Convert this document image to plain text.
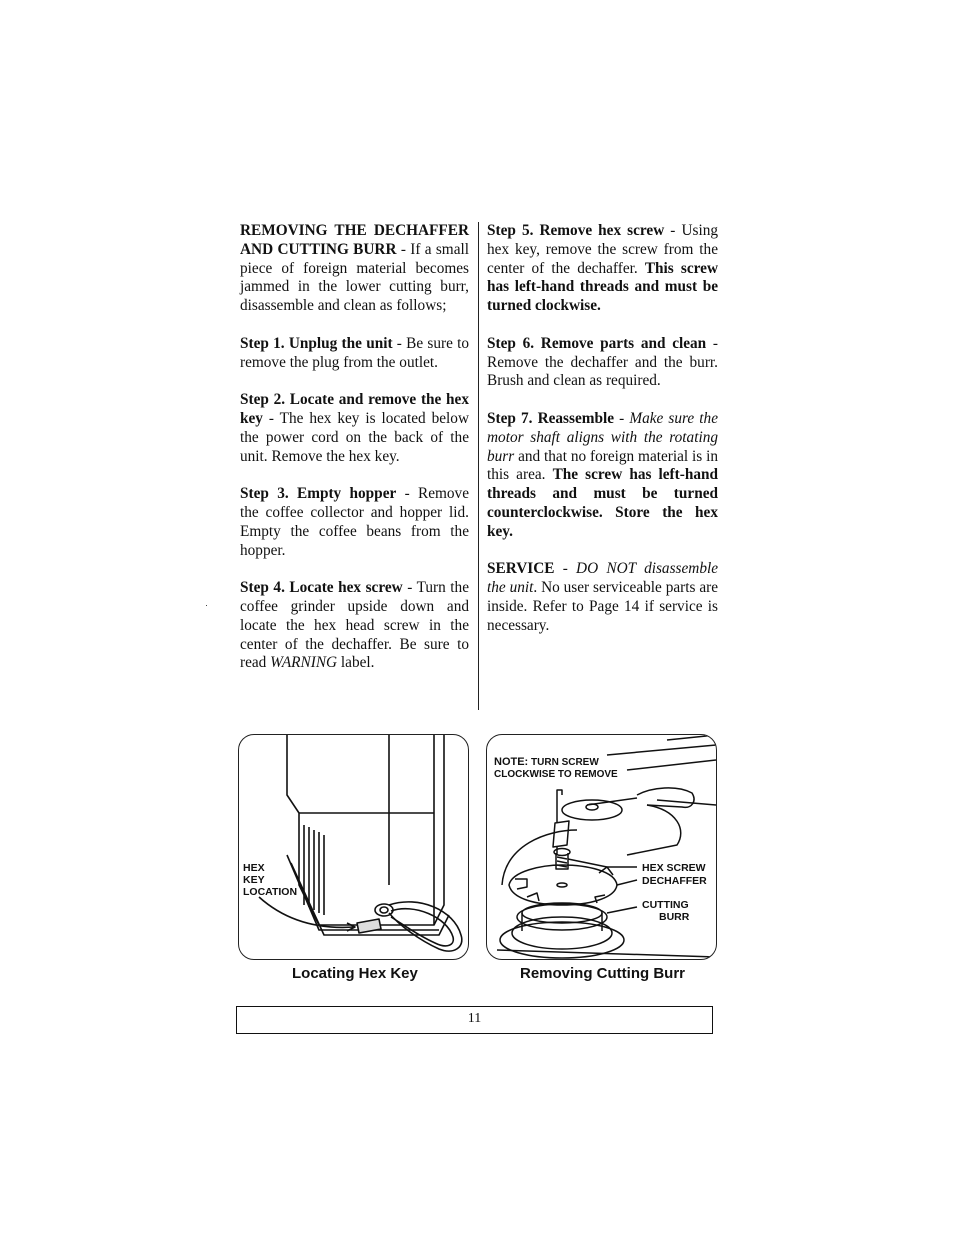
REMOVING THE DECHAFFER AND CUTTING BURR - If a small piece of foreign material becomes jammed in the lower cutting burr, disassemble and clean as follows;

Step 1. Unplug the unit - Be sure to remove the plug from the outlet.

Step 2. Locate and remove the hex key - The hex key is located below the power cord on the back of the unit. Remove the hex key.

Step 3. Empty hopper - Remove the coffee collector and hopper lid. Empty the coffee beans from the hopper.

Step 4. Locate hex screw - Turn the coffee grinder upside down and locate the hex head screw in the center of the dechaffer. Be sure to read WARNING label.

Step 5. Remove hex screw - Using hex key, remove the screw from the center of the dechaffer. This screw has left-hand threads and must be turned clockwise.

Step 6. Remove parts and clean - Remove the dechaffer and the burr. Brush and clean as required.

Step 7. Reassemble - Make sure the motor shaft aligns with the rotating burr and that no foreign material is in this area. The screw has left-hand threads and must be turned counterclockwise. Store the hex key.

SERVICE - DO NOT disassemble the unit. No user serviceable parts are inside. Refer to Page 14 if service is necessary.

HEX
KEY
LOCATION
NOTE: TURN SCREW
CLOCKWISE TO REMOVE
HEX SCREW
DECHAFFER
CUTTING
BURR
Locating Hex Key	Removing Cutting Burr
11
